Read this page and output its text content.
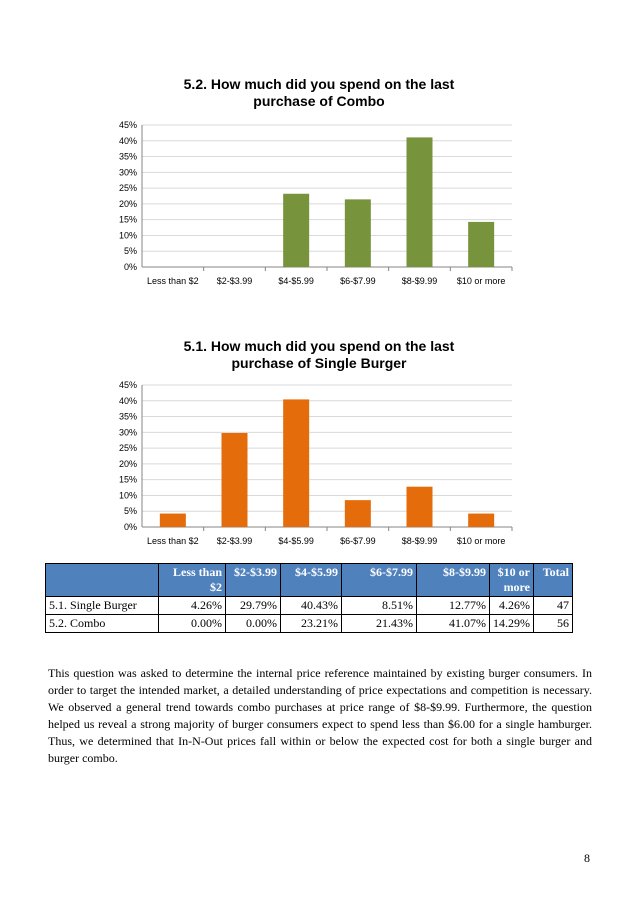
5.2. How much did you spend on the last
purchase of Combo
0%
5%
10%
15%
20%
25%
30%
35%
40%
45%
Less than $2 $2-$3.99	$4-$5.99	$6-$7.99	$8-$9.99 $10 or more
5.1. How much did you spend on the last
purchase of Single Burger
0%
5%
10%
15%
20%
25%
30%
35%
40%
45%
Less than $2 $2-$3.99	$4-$5.99	$6-$7.99	$8-$9.99 $10 or more
	Less than $2	$2-$3.99	$4-$5.99	$6-$7.99	$8-$9.99	$10 or more	Total
5.1. Single Burger	4.26%	29.79%	40.43%	8.51%	12.77%	4.26%	47
5.2. Combo	0.00%	0.00%	23.21%	21.43%	41.07%	14.29%	56

This question was asked to determine the internal price reference maintained by existing burger consumers. In order to target the intended market, a detailed understanding of price expectations and competition is necessary. We observed a general trend towards combo purchases at price range of $8-$9.99. Furthermore, the question helped us reveal a strong majority of burger consumers expect to spend less than $6.00 for a single hamburger. Thus, we determined that In-N-Out prices fall within or below the expected cost for both a single burger and burger combo.

8
